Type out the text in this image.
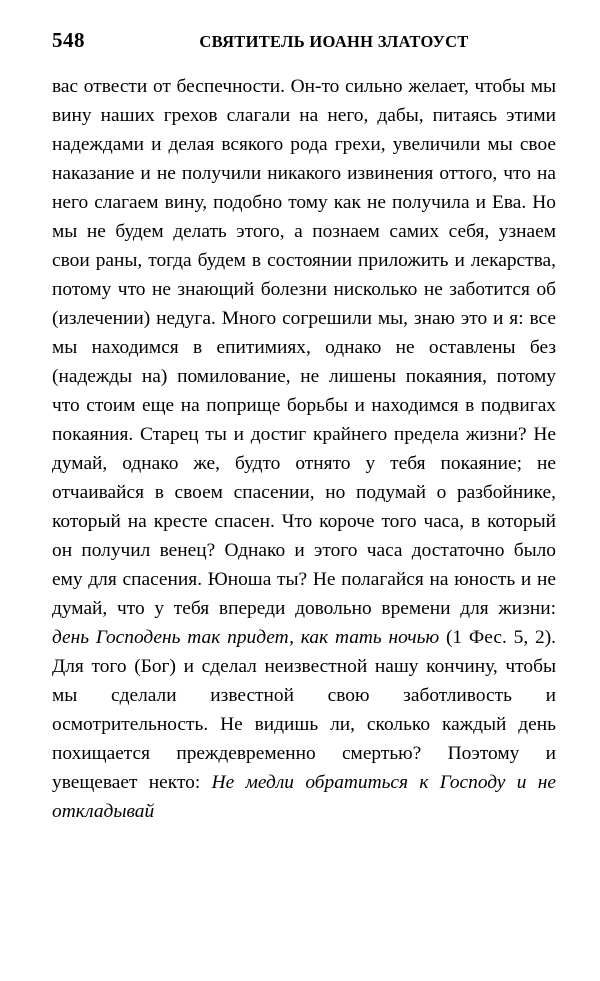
548	СВЯТИТЕЛЬ ИОАНН ЗЛАТОУСТ

вас отвести от беспечности. Он-то сильно желает, чтобы мы вину наших грехов слагали на него, дабы, питаясь этими надеждами и делая всякого рода грехи, увеличили мы свое наказание и не получили никакого извинения оттого, что на него слагаем вину, подобно тому как не получила и Ева. Но мы не будем делать этого, а познаем самих себя, узнаем свои раны, тогда будем в состоянии приложить и лекарства, потому что не знающий болезни нисколько не заботится об (излечении) недуга. Много согрешили мы, знаю это и я: все мы находимся в епитимиях, однако не оставлены без (надежды на) помилование, не лишены покаяния, потому что стоим еще на поприще борьбы и находимся в подвигах покаяния. Старец ты и достиг крайнего предела жизни? Не думай, однако же, будто отнято у тебя покаяние; не отчаивайся в своем спасении, но подумай о разбойнике, который на кресте спасен. Что короче того часа, в который он получил венец? Однако и этого часа достаточно было ему для спасения. Юноша ты? Не полагайся на юность и не думай, что у тебя впереди довольно времени для жизни: день Господень так придет, как тать ночью (1 Фес. 5, 2). Для того (Бог) и сделал неизвестной нашу кончину, чтобы мы сделали известной свою заботливость и осмотрительность. Не видишь ли, сколько каждый день похищается преждевременно смертью? Поэтому и увещевает некто: Не медли обратиться к Господу и не откладывай
